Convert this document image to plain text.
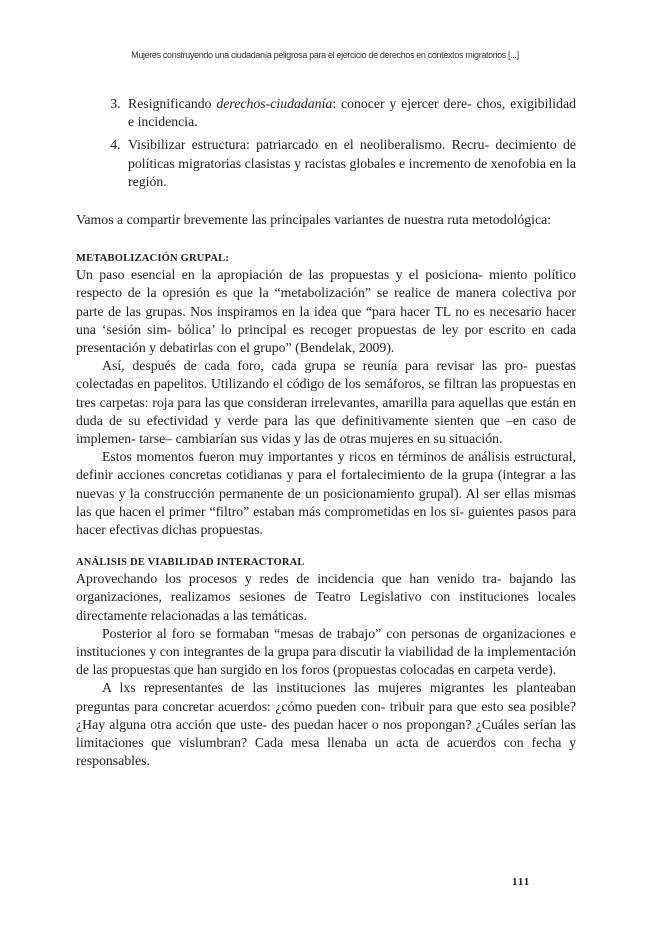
Mujeres construyendo una ciudadanía peligrosa para el ejercicio de derechos en contextos migratorios [...]
3. Resignificando derechos-ciudadanía: conocer y ejercer dere- chos, exigibilidad e incidencia.
4. Visibilizar estructura: patriarcado en el neoliberalismo. Recru- decimiento de políticas migratorias clasistas y racistas globales e incremento de xenofobia en la región.

Vamos a compartir brevemente las principales variantes de nuestra ruta metodológica:

METABOLIZACIÓN GRUPAL:

Un paso esencial en la apropiación de las propuestas y el posiciona- miento político respecto de la opresión es que la “metabolización” se realice de manera colectiva por parte de las grupas. Nos inspiramos en la idea que “para hacer TL no es necesario hacer una ‘sesión sim- bólica’ lo principal es recoger propuestas de ley por escrito en cada presentación y debatirlas con el grupo” (Bendelak, 2009).

Así, después de cada foro, cada grupa se reunía para revisar las pro- puestas colectadas en papelitos. Utilizando el código de los semáforos, se filtran las propuestas en tres carpetas: roja para las que consideran irrelevantes, amarilla para aquellas que están en duda de su efectividad y verde para las que definitivamente sienten que –en caso de implemen- tarse– cambiarían sus vidas y las de otras mujeres en su situación.

Estos momentos fueron muy importantes y ricos en términos de análisis estructural, definir acciones concretas cotidianas y para el fortalecimiento de la grupa (integrar a las nuevas y la construcción permanente de un posicionamiento grupal). Al ser ellas mismas las que hacen el primer “filtro” estaban más comprometidas en los si- guientes pasos para hacer efectivas dichas propuestas.

ANÁLISIS DE VIABILIDAD INTERACTORAL

Aprovechando los procesos y redes de incidencia que han venido tra- bajando las organizaciones, realizamos sesiones de Teatro Legislativo con instituciones locales directamente relacionadas a las temáticas.

Posterior al foro se formaban “mesas de trabajo” con personas de organizaciones e instituciones y con integrantes de la grupa para discutir la viabilidad de la implementación de las propuestas que han surgido en los foros (propuestas colocadas en carpeta verde).

A lxs representantes de las instituciones las mujeres migrantes les planteaban preguntas para concretar acuerdos: ¿cómo pueden con- tribuir para que esto sea posible? ¿Hay alguna otra acción que uste- des puedan hacer o nos propongan? ¿Cuáles serían las limitaciones que vislumbran? Cada mesa llenaba un acta de acuerdos con fecha y responsables.

111
